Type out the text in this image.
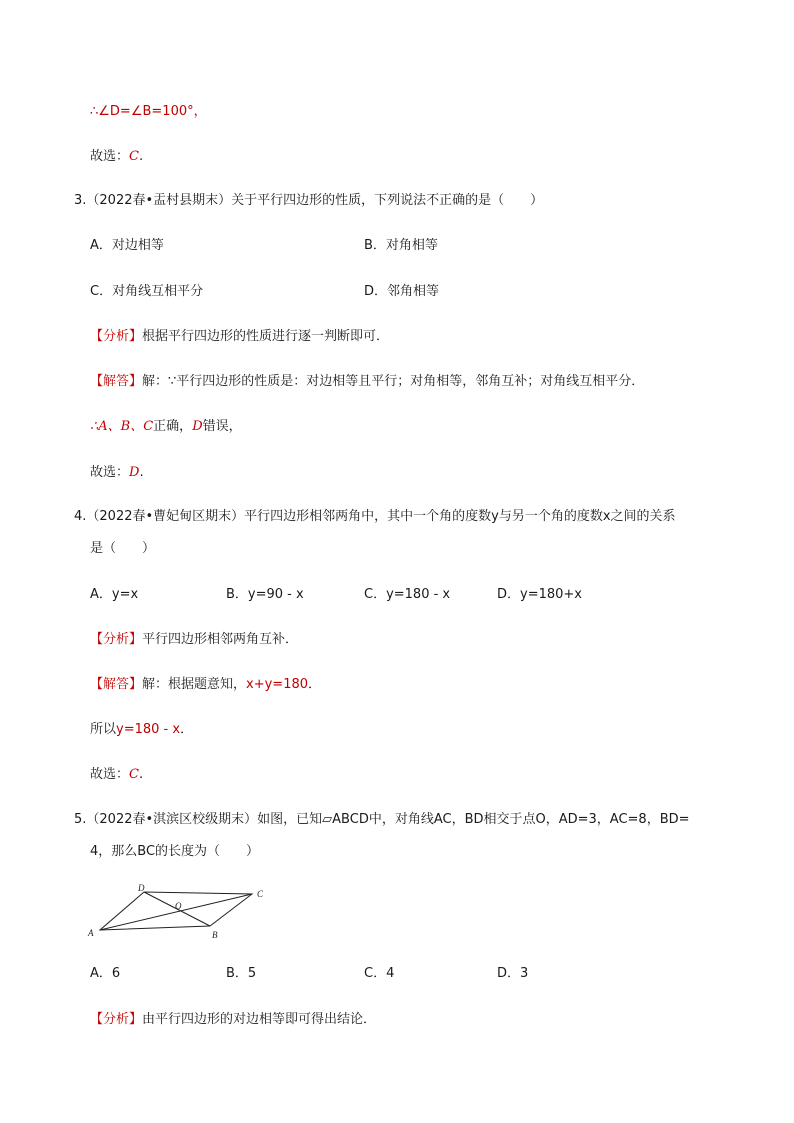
∴∠D=∠B=100°，
故选：C.
3.（2022春•盂村县期末）关于平行四边形的性质，下列说法不正确的是（　　）
A．对边相等	B．对角相等
C．对角线互相平分	D．邻角相等
【分析】根据平行四边形的性质进行逐一判断即可．
【解答】解：∵平行四边形的性质是：对边相等且平行；对角相等，邻角互补；对角线互相平分．
∴A、B、C正确，D错误，
故选：D.
4.（2022春•曹妃甸区期末）平行四边形相邻两角中，其中一个角的度数y与另一个角的度数x之间的关系
是（　　）
A．y=x	B．y=90 - x	C．y=180 - x	D．y=180+x
【分析】平行四边形相邻两角互补．
【解答】解：根据题意知，x+y=180．
所以y=180 - x．
故选：C.
5.（2022春•淇滨区校级期末）如图，已知▱ABCD中，对角线AC，BD相交于点O，AD=3，AC=8，BD=
4，那么BC的长度为（　　）
A	B
C
D
O
A．6	B．5	C．4	D．3
【分析】由平行四边形的对边相等即可得出结论．
